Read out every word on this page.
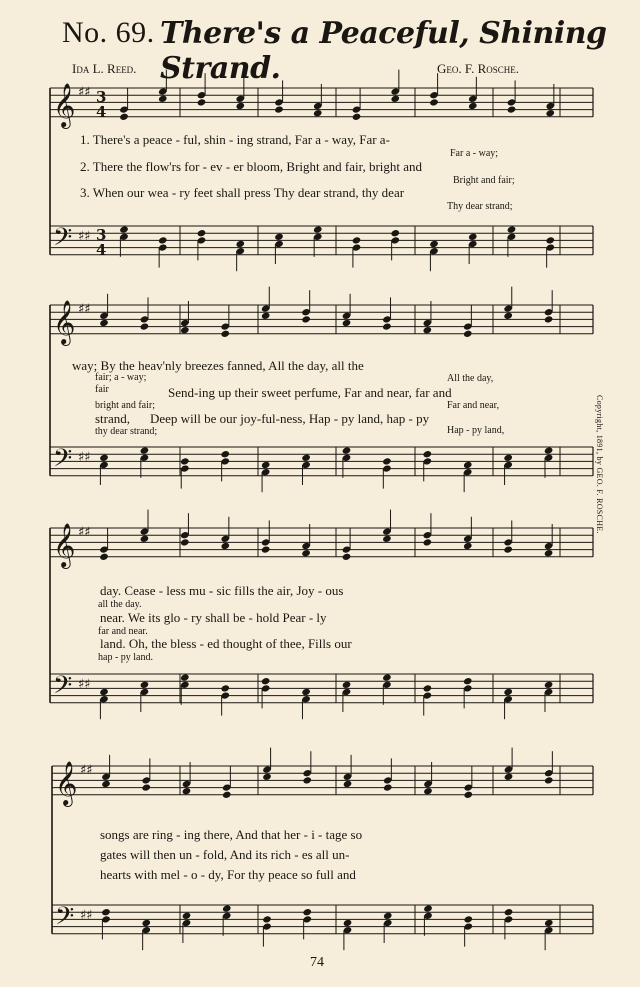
No. 69. There's a Peaceful, Shining Strand.
Ida L. Reed.	Geo. F. Rosche.
𝄞
𝄢
♯♯
♯♯
3
4
3
4
𝄞
𝄢
♯♯
♯♯
𝄞
𝄢
♯♯
♯♯
𝄞
𝄢
♯♯
♯♯
1. There's a peace - ful, shin - ing strand, Far a - way, Far a-
Far a - way;
2. There the flow'rs for - ev - er bloom, Bright and fair, bright and
Bright and fair;
3. When our wea - ry feet shall press Thy dear strand, thy dear
Thy dear strand;
way; By the heav'nly breezes fanned, All the day, all the
fair; a - way;	All the day,
Send-ing up their sweet perfume, Far and near, far and
bright and fair;	Far and near,
strand, Deep will be our joy-ful-ness, Hap - py land, hap - py
thy dear strand;	Hap - py land,
fair
day. Cease - less mu - sic fills the air, Joy - ous
all the day.
near. We its glo - ry shall be - hold Pear - ly
far and near.
land. Oh, the bless - ed thought of thee, Fills our
hap - py land.
songs are ring - ing there, And that her - i - tage so
gates will then un - fold, And its rich - es all un-
hearts with mel - o - dy, For thy peace so full and
Copyright, 1891, by GEO. F. ROSCHE.
74
